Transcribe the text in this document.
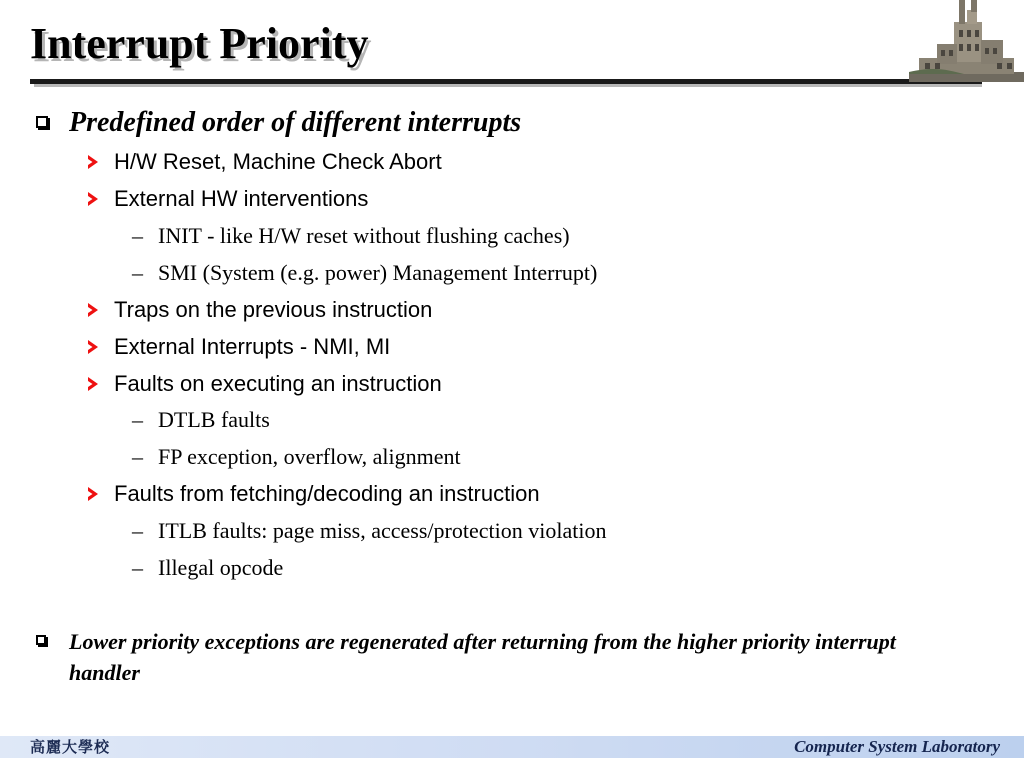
Interrupt Priority
Predefined order of different interrupts
H/W Reset, Machine Check Abort
External HW interventions
– INIT - like H/W reset without flushing caches)
– SMI (System (e.g. power) Management Interrupt)
Traps on the previous instruction
External Interrupts - NMI, MI
Faults on executing an instruction
– DTLB faults
– FP exception, overflow, alignment
Faults from fetching/decoding an instruction
– ITLB faults: page miss, access/protection violation
– Illegal opcode
Lower priority exceptions are regenerated after returning from the higher priority interrupt handler
高麗大學校	Computer System Laboratory
